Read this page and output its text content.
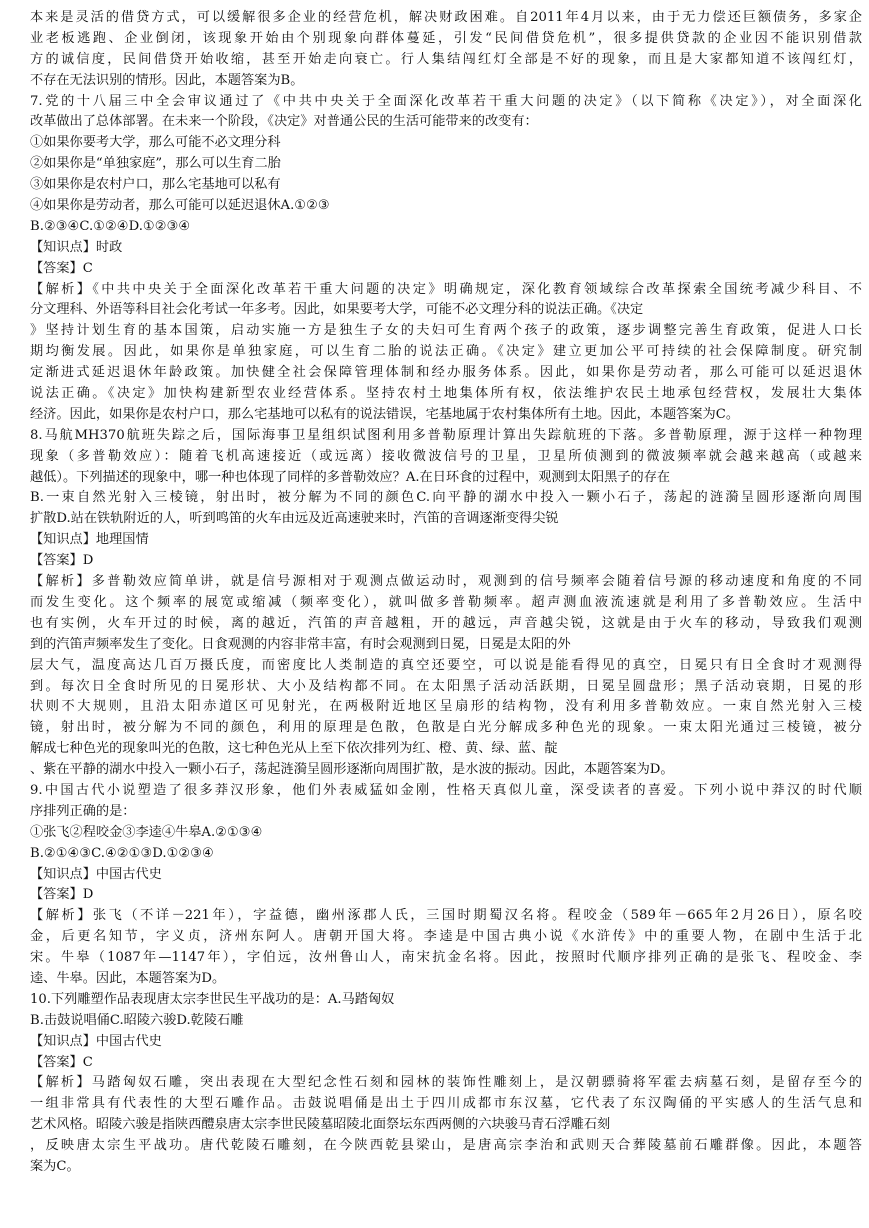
本来是灵活的借贷方式，可以缓解很多企业的经营危机，解决财政困难。自2011年4月以来，由于无力偿还巨额债务，多家企
业老板逃跑、企业倒闭，该现象开始由个别现象向群体蔓延，引发“民间借贷危机”，很多提供贷款的企业因不能识别借款
方的诚信度，民间借贷开始收缩，甚至开始走向衰亡。行人集结闯红灯全部是不好的现象，而且是大家都知道不该闯红灯，
不存在无法识别的情形。因此，本题答案为B。
7.党的十八届三中全会审议通过了《中共中央关于全面深化改革若干重大问题的决定》（以下简称《决定》），对全面深化
改革做出了总体部署。在未来一个阶段，《决定》对普通公民的生活可能带来的改变有：
①如果你要考大学，那么可能不必文理分科
②如果你是“单独家庭”，那么可以生育二胎
③如果你是农村户口，那么宅基地可以私有
④如果你是劳动者，那么可能可以延迟退休A.①②③
B.②③④C.①②④D.①②③④
【知识点】时政
【答案】C
【解析】《中共中央关于全面深化改革若干重大问题的决定》明确规定，深化教育领域综合改革探索全国统考减少科目、不
分文理科、外语等科目社会化考试一年多考。因此，如果要考大学，可能不必文理分科的说法正确。《决定
》坚持计划生育的基本国策，启动实施一方是独生子女的夫妇可生育两个孩子的政策，逐步调整完善生育政策，促进人口长
期均衡发展。因此，如果你是单独家庭，可以生育二胎的说法正确。《决定》建立更加公平可持续的社会保障制度。研究制
定渐进式延迟退休年龄政策。加快健全社会保障管理体制和经办服务体系。因此，如果你是劳动者，那么可能可以延迟退休
说法正确。《决定》加快构建新型农业经营体系。坚持农村土地集体所有权，依法维护农民土地承包经营权，发展壮大集体
经济。因此，如果你是农村户口，那么宅基地可以私有的说法错误，宅基地属于农村集体所有土地。因此，本题答案为C。
8.马航MH370航班失踪之后，国际海事卫星组织试图利用多普勒原理计算出失踪航班的下落。多普勒原理，源于这样一种物理
现象（多普勒效应）：随着飞机高速接近（或远离）接收微波信号的卫星，卫星所侦测到的微波频率就会越来越高（或越来
越低）。下列描述的现象中，哪一种也体现了同样的多普勒效应？A.在日环食的过程中，观测到太阳黑子的存在
B.一束自然光射入三棱镜，射出时，被分解为不同的颜色C.向平静的湖水中投入一颗小石子，荡起的涟漪呈圆形逐渐向周围
扩散D.站在铁轨附近的人，听到鸣笛的火车由远及近高速驶来时，汽笛的音调逐渐变得尖锐
【知识点】地理国情
【答案】D
【解析】多普勒效应简单讲，就是信号源相对于观测点做运动时，观测到的信号频率会随着信号源的移动速度和角度的不同
而发生变化。这个频率的展宽或缩减（频率变化），就叫做多普勒频率。超声测血液流速就是利用了多普勒效应。生活中
也有实例，火车开过的时候，离的越近，汽笛的声音越粗，开的越远，声音越尖锐，这就是由于火车的移动，导致我们观测
到的汽笛声频率发生了变化。日食观测的内容非常丰富，有时会观测到日冕，日冕是太阳的外
层大气，温度高达几百万摄氏度，而密度比人类制造的真空还要空，可以说是能看得见的真空，日冕只有日全食时才观测得
到。每次日全食时所见的日冕形状、大小及结构都不同。在太阳黑子活动活跃期，日冕呈圆盘形；黑子活动衰期，日冕的形
状则不大规则，且沿太阳赤道区可见射光，在两极附近地区呈扇形的结构物，没有利用多普勒效应。一束自然光射入三棱
镜，射出时，被分解为不同的颜色，利用的原理是色散，色散是白光分解成多种色光的现象。一束太阳光通过三棱镜，被分
解成七种色光的现象叫光的色散，这七种色光从上至下依次排列为红、橙、黄、绿、蓝、靛
、紫在平静的湖水中投入一颗小石子，荡起涟漪呈圆形逐渐向周围扩散，是水波的振动。因此，本题答案为D。
9.中国古代小说塑造了很多莽汉形象，他们外表威猛如金刚，性格天真似儿童，深受读者的喜爱。下列小说中莽汉的时代顺
序排列正确的是：
①张飞②程咬金③李逵④牛皋A.②①③④
B.②①④③C.④②①③D.①②③④
【知识点】中国古代史
【答案】D
【解析】张飞（不详－221年），字益德，幽州涿郡人氏，三国时期蜀汉名将。程咬金（589年－665年2月26日），原名咬
金，后更名知节，字义贞，济州东阿人。唐朝开国大将。李逵是中国古典小说《水浒传》中的重要人物，在剧中生活于北
宋。牛皋（1087年—1147年），字伯远，汝州鲁山人，南宋抗金名将。因此，按照时代顺序排列正确的是张飞、程咬金、李
逵、牛皋。因此，本题答案为D。
10.下列雕塑作品表现唐太宗李世民生平战功的是：A.马踏匈奴
B.击鼓说唱俑C.昭陵六骏D.乾陵石雕
【知识点】中国古代史
【答案】C
【解析】马踏匈奴石雕，突出表现在大型纪念性石刻和园林的装饰性雕刻上，是汉朝骠骑将军霍去病墓石刻，是留存至今的
一组非常具有代表性的大型石雕作品。击鼓说唱俑是出土于四川成都市东汉墓，它代表了东汉陶俑的平实感人的生活气息和
艺术风格。昭陵六骏是指陕西醴泉唐太宗李世民陵墓昭陵北面祭坛东西两侧的六块骏马青石浮雕石刻
，反映唐太宗生平战功。唐代乾陵石雕刻，在今陕西乾县梁山，是唐高宗李治和武则天合葬陵墓前石雕群像。因此，本题答
案为C。
